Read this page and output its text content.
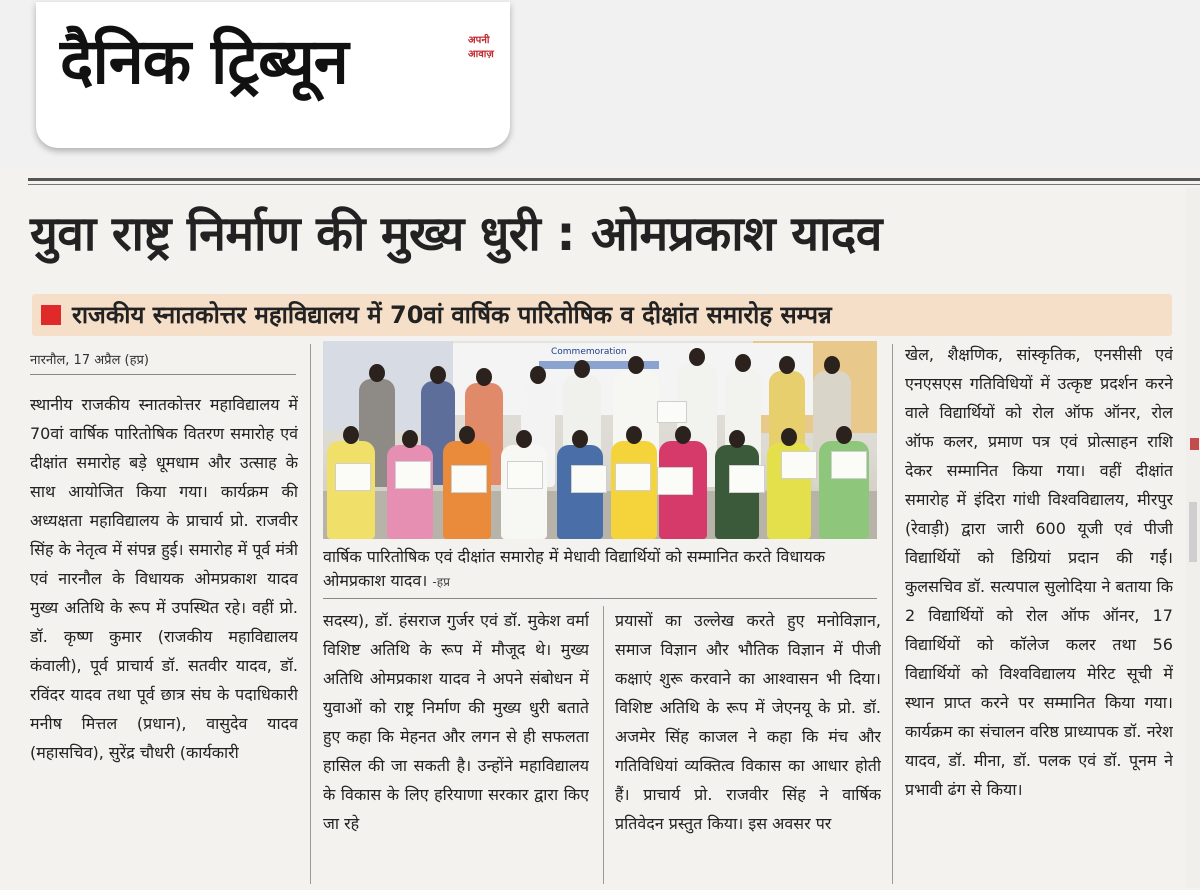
अपनी आवाज़
दैनिक ट्रिब्यून
युवा राष्ट्र निर्माण की मुख्य धुरी : ओमप्रकाश यादव
राजकीय स्नातकोत्तर महाविद्यालय में 70वां वार्षिक पारितोषिक व दीक्षांत समारोह सम्पन्न
नारनौल, 17 अप्रैल (हप्र)
स्थानीय राजकीय स्नातकोत्तर महाविद्यालय में 70वां वार्षिक पारितोषिक वितरण समारोह एवं दीक्षांत समारोह बड़े धूमधाम और उत्साह के साथ आयोजित किया गया। कार्यक्रम की अध्यक्षता महाविद्यालय के प्राचार्य प्रो. राजवीर सिंह के नेतृत्व में संपन्न हुई। समारोह में पूर्व मंत्री एवं नारनौल के विधायक ओमप्रकाश यादव मुख्य अतिथि के रूप में उपस्थित रहे। वहीं प्रो. डॉ. कृष्ण कुमार (राजकीय महाविद्यालय कंवाली), पूर्व प्राचार्य डॉ. सतवीर यादव, डॉ. रविंदर यादव तथा पूर्व छात्र संघ के पदाधिकारी मनीष मित्तल (प्रधान), वासुदेव यादव (महासचिव), सुरेंद्र चौधरी (कार्यकारी
Commemoration
वार्षिक पारितोषिक एवं दीक्षांत समारोह में मेधावी विद्यार्थियों को सम्मानित करते विधायक ओमप्रकाश यादव। -हप्र
सदस्य), डॉ. हंसराज गुर्जर एवं डॉ. मुकेश वर्मा विशिष्ट अतिथि के रूप में मौजूद थे। मुख्य अतिथि ओमप्रकाश यादव ने अपने संबोधन में युवाओं को राष्ट्र निर्माण की मुख्य धुरी बताते हुए कहा कि मेहनत और लगन से ही सफलता हासिल की जा सकती है। उन्होंने महाविद्यालय के विकास के लिए हरियाणा सरकार द्वारा किए जा रहे
प्रयासों का उल्लेख करते हुए मनोविज्ञान, समाज विज्ञान और भौतिक विज्ञान में पीजी कक्षाएं शुरू करवाने का आश्वासन भी दिया। विशिष्ट अतिथि के रूप में जेएनयू के प्रो. डॉ. अजमेर सिंह काजल ने कहा कि मंच और गतिविधियां व्यक्तित्व विकास का आधार होती हैं। प्राचार्य प्रो. राजवीर सिंह ने वार्षिक प्रतिवेदन प्रस्तुत किया। इस अवसर पर
खेल, शैक्षणिक, सांस्कृतिक, एनसीसी एवं एनएसएस गतिविधियों में उत्कृष्ट प्रदर्शन करने वाले विद्यार्थियों को रोल ऑफ ऑनर, रोल ऑफ कलर, प्रमाण पत्र एवं प्रोत्साहन राशि देकर सम्मानित किया गया। वहीं दीक्षांत समारोह में इंदिरा गांधी विश्वविद्यालय, मीरपुर (रेवाड़ी) द्वारा जारी 600 यूजी एवं पीजी विद्यार्थियों को डिग्रियां प्रदान की गईं। कुलसचिव डॉ. सत्यपाल सुलोदिया ने बताया कि 2 विद्यार्थियों को रोल ऑफ ऑनर, 17 विद्यार्थियों को कॉलेज कलर तथा 56 विद्यार्थियों को विश्वविद्यालय मेरिट सूची में स्थान प्राप्त करने पर सम्मानित किया गया। कार्यक्रम का संचालन वरिष्ठ प्राध्यापक डॉ. नरेश यादव, डॉ. मीना, डॉ. पलक एवं डॉ. पूनम ने प्रभावी ढंग से किया।
